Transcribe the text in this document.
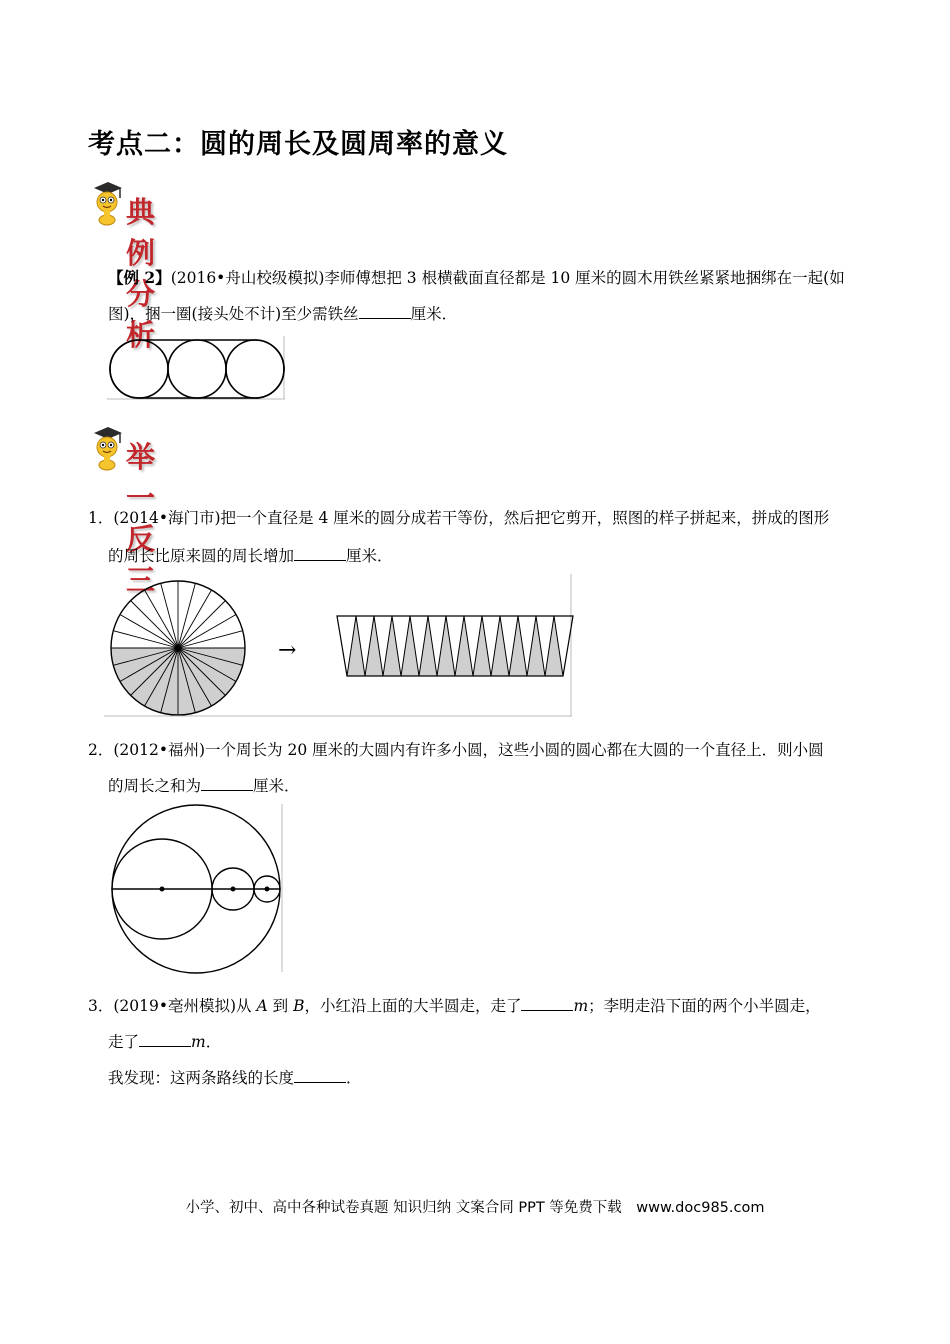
考点二：圆的周长及圆周率的意义
典例分析
【例 2】(2016•舟山校级模拟)李师傅想把 3 根横截面直径都是 10 厘米的圆木用铁丝紧紧地捆绑在一起(如
图)，捆一圈(接头处不计)至少需铁丝	厘米．
举一反三
1．(2014•海门市)把一个直径是 4 厘米的圆分成若干等份，然后把它剪开，照图的样子拼起来，拼成的图形
的周长比原来圆的周长增加	厘米．
→
2．(2012•福州)一个周长为 20 厘米的大圆内有许多小圆，这些小圆的圆心都在大圆的一个直径上．则小圆
的周长之和为	厘米．
3．(2019•亳州模拟)从 A 到 B，小红沿上面的大半圆走，走了	m；李明走沿下面的两个小半圆走，
走了	m．
我发现：这两条路线的长度	．
小学、初中、高中各种试卷真题 知识归纳 文案合同 PPT 等免费下载　www.doc985.com
